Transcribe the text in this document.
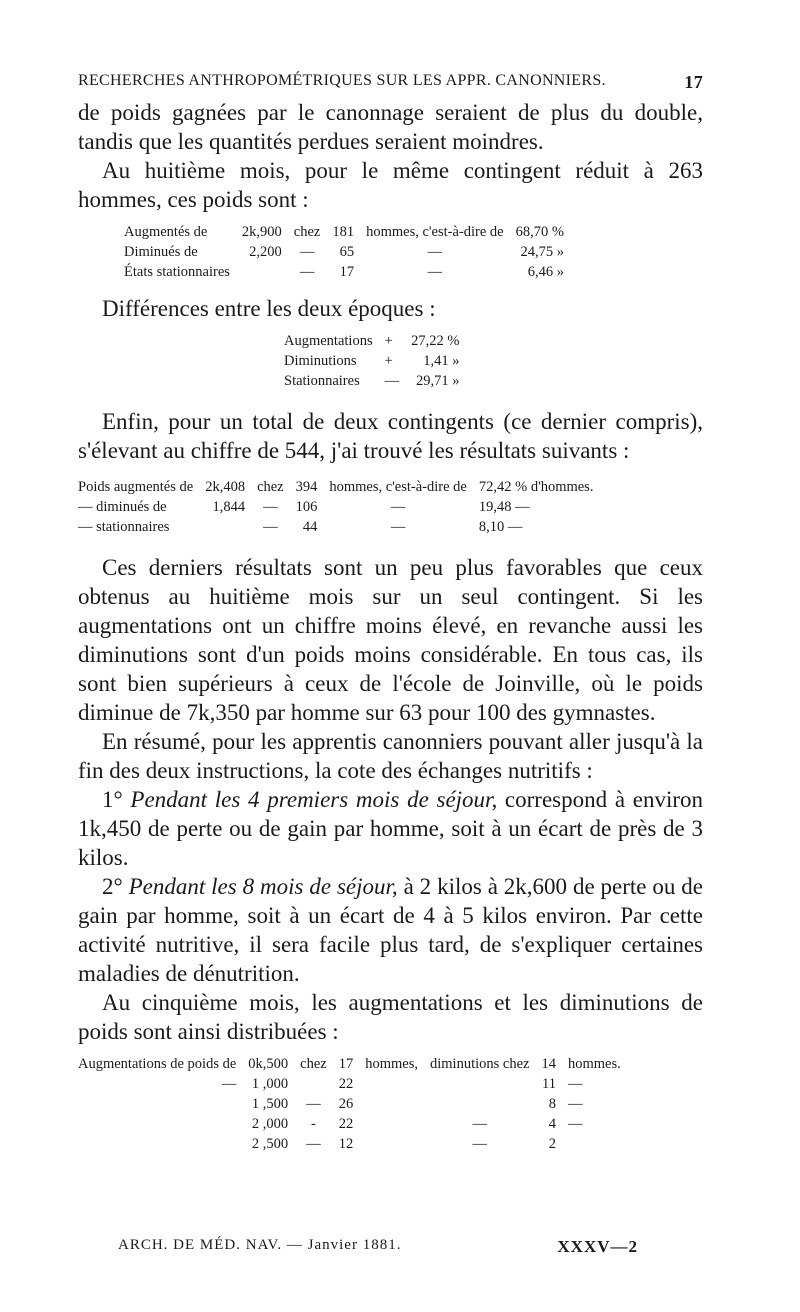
RECHERCHES ANTHROPOMÉTRIQUES SUR LES APPR. CANONNIERS.	17

de poids gagnées par le canonnage seraient de plus du double, tandis que les quantités perdues seraient moindres.

Au huitième mois, pour le même contingent réduit à 263 hommes, ces poids sont :

Augmentés de	2k,900	chez	181	hommes, c'est-à-dire de	68,70 %
Diminués de	2,200	—	65	—	24,75 »
États stationnaires		—	17	—	6,46 »

Différences entre les deux époques :

Augmentations	+	27,22 %
Diminutions	+	1,41 »
Stationnaires	—	29,71 »

Enfin, pour un total de deux contingents (ce dernier compris), s'élevant au chiffre de 544, j'ai trouvé les résultats suivants :

Poids augmentés de	2k,408	chez	394	hommes, c'est-à-dire de	72,42 % d'hommes.
— diminués de	1,844	—	106	—	19,48 —
— stationnaires		—	44	—	8,10 —

Ces derniers résultats sont un peu plus favorables que ceux obtenus au huitième mois sur un seul contingent. Si les augmentations ont un chiffre moins élevé, en revanche aussi les diminutions sont d'un poids moins considérable. En tous cas, ils sont bien supérieurs à ceux de l'école de Joinville, où le poids diminue de 7k,350 par homme sur 63 pour 100 des gymnastes.

En résumé, pour les apprentis canonniers pouvant aller jusqu'à la fin des deux instructions, la cote des échanges nutritifs :

1° Pendant les 4 premiers mois de séjour, correspond à environ 1k,450 de perte ou de gain par homme, soit à un écart de près de 3 kilos.

2° Pendant les 8 mois de séjour, à 2 kilos à 2k,600 de perte ou de gain par homme, soit à un écart de 4 à 5 kilos environ. Par cette activité nutritive, il sera facile plus tard, de s'expliquer certaines maladies de dénutrition.

Au cinquième mois, les augmentations et les diminutions de poids sont ainsi distribuées :

Augmentations de poids de	0k,500	chez	17	hommes,	diminutions chez	14	hommes.
—	1 ,000		22			11	—
	1 ,500	—	26			8	—
	2 ,000	-	22		—	4	—
	2 ,500	—	12		—	2	
ARCH. DE MÉD. NAV. — Janvier 1881.	XXXV—2
